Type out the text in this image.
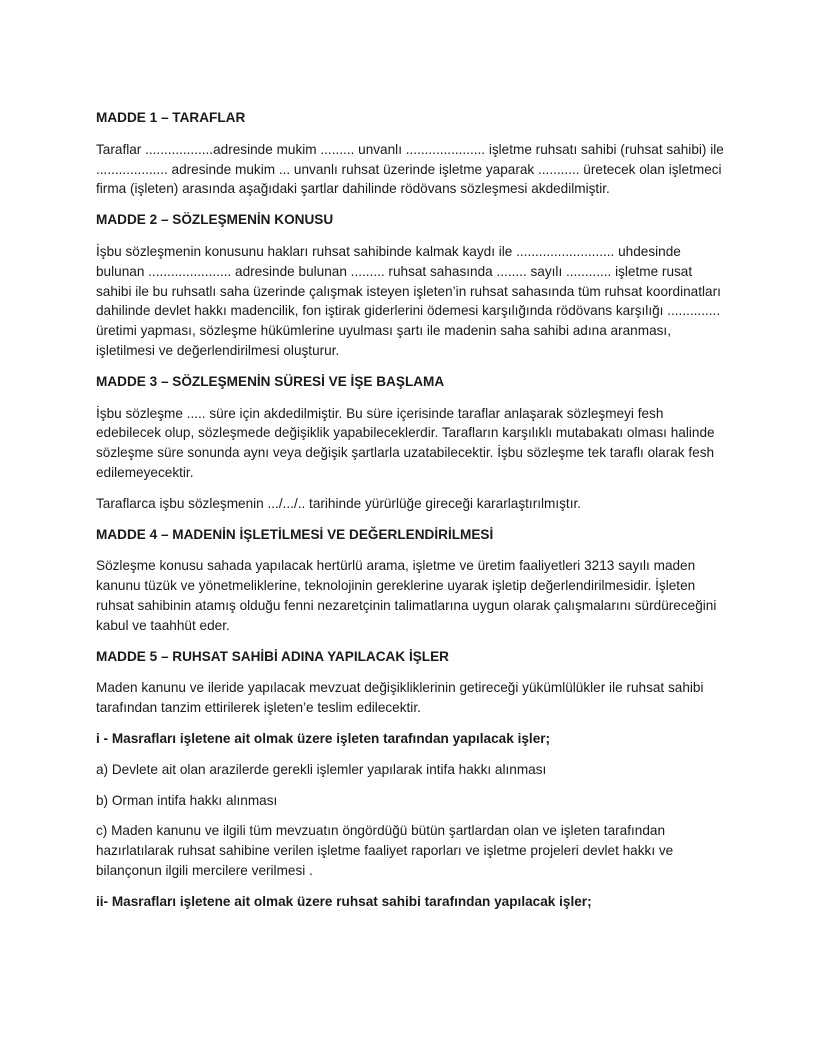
MADDE 1 – TARAFLAR

Taraflar ..................adresinde mukim ......... unvanlı ..................... işletme ruhsatı sahibi (ruhsat sahibi) ile ................... adresinde mukim ... unvanlı ruhsat üzerinde işletme yaparak ........... üretecek olan işletmeci firma (işleten) arasında aşağıdaki şartlar dahilinde rödövans sözleşmesi akdedilmiştir.

MADDE 2 – SÖZLEŞMENİN KONUSU

İşbu sözleşmenin konusunu hakları ruhsat sahibinde kalmak kaydı ile .......................... uhdesinde bulunan ...................... adresinde bulunan ......... ruhsat sahasında ........ sayılı ............ işletme rusat sahibi ile bu ruhsatlı saha üzerinde çalışmak isteyen işleten’in ruhsat sahasında tüm ruhsat koordinatları dahilinde devlet hakkı madencilik, fon iştirak giderlerini ödemesi karşılığında rödövans karşılığı .............. üretimi yapması, sözleşme hükümlerine uyulması şartı ile madenin saha sahibi adına aranması, işletilmesi ve değerlendirilmesi oluşturur.

MADDE 3 – SÖZLEŞMENİN SÜRESİ VE İŞE BAŞLAMA

İşbu sözleşme ..... süre için akdedilmiştir. Bu süre içerisinde taraflar anlaşarak sözleşmeyi fesh edebilecek olup, sözleşmede değişiklik yapabileceklerdir. Tarafların karşılıklı mutabakatı olması halinde sözleşme süre sonunda aynı veya değişik şartlarla uzatabilecektir. İşbu sözleşme tek taraflı olarak fesh edilemeyecektir.

Taraflarca işbu sözleşmenin .../.../.. tarihinde yürürlüğe gireceği kararlaştırılmıştır.

MADDE 4 – MADENİN İŞLETİLMESİ VE DEĞERLENDİRİLMESİ

Sözleşme konusu sahada yapılacak hertürlü arama, işletme ve üretim faaliyetleri 3213 sayılı maden kanunu tüzük ve yönetmeliklerine, teknolojinin gereklerine uyarak işletip değerlendirilmesidir. İşleten ruhsat sahibinin atamış olduğu fenni nezaretçinin talimatlarına uygun olarak çalışmalarını sürdüreceğini kabul ve taahhüt eder.

MADDE 5 – RUHSAT SAHİBİ ADINA YAPILACAK İŞLER

Maden kanunu ve ileride yapılacak mevzuat değişikliklerinin getireceği yükümlülükler ile ruhsat sahibi tarafından tanzim ettirilerek işleten’e teslim edilecektir.

i - Masrafları işletene ait olmak üzere işleten tarafından yapılacak işler;

a) Devlete ait olan arazilerde gerekli işlemler yapılarak intifa hakkı alınması

b) Orman intifa hakkı alınması

c) Maden kanunu ve ilgili tüm mevzuatın öngördüğü bütün şartlardan olan ve işleten tarafından hazırlatılarak ruhsat sahibine verilen işletme faaliyet raporları ve işletme projeleri devlet hakkı ve bilançonun ilgili mercilere verilmesi .

ii- Masrafları işletene ait olmak üzere ruhsat sahibi tarafından yapılacak işler;
